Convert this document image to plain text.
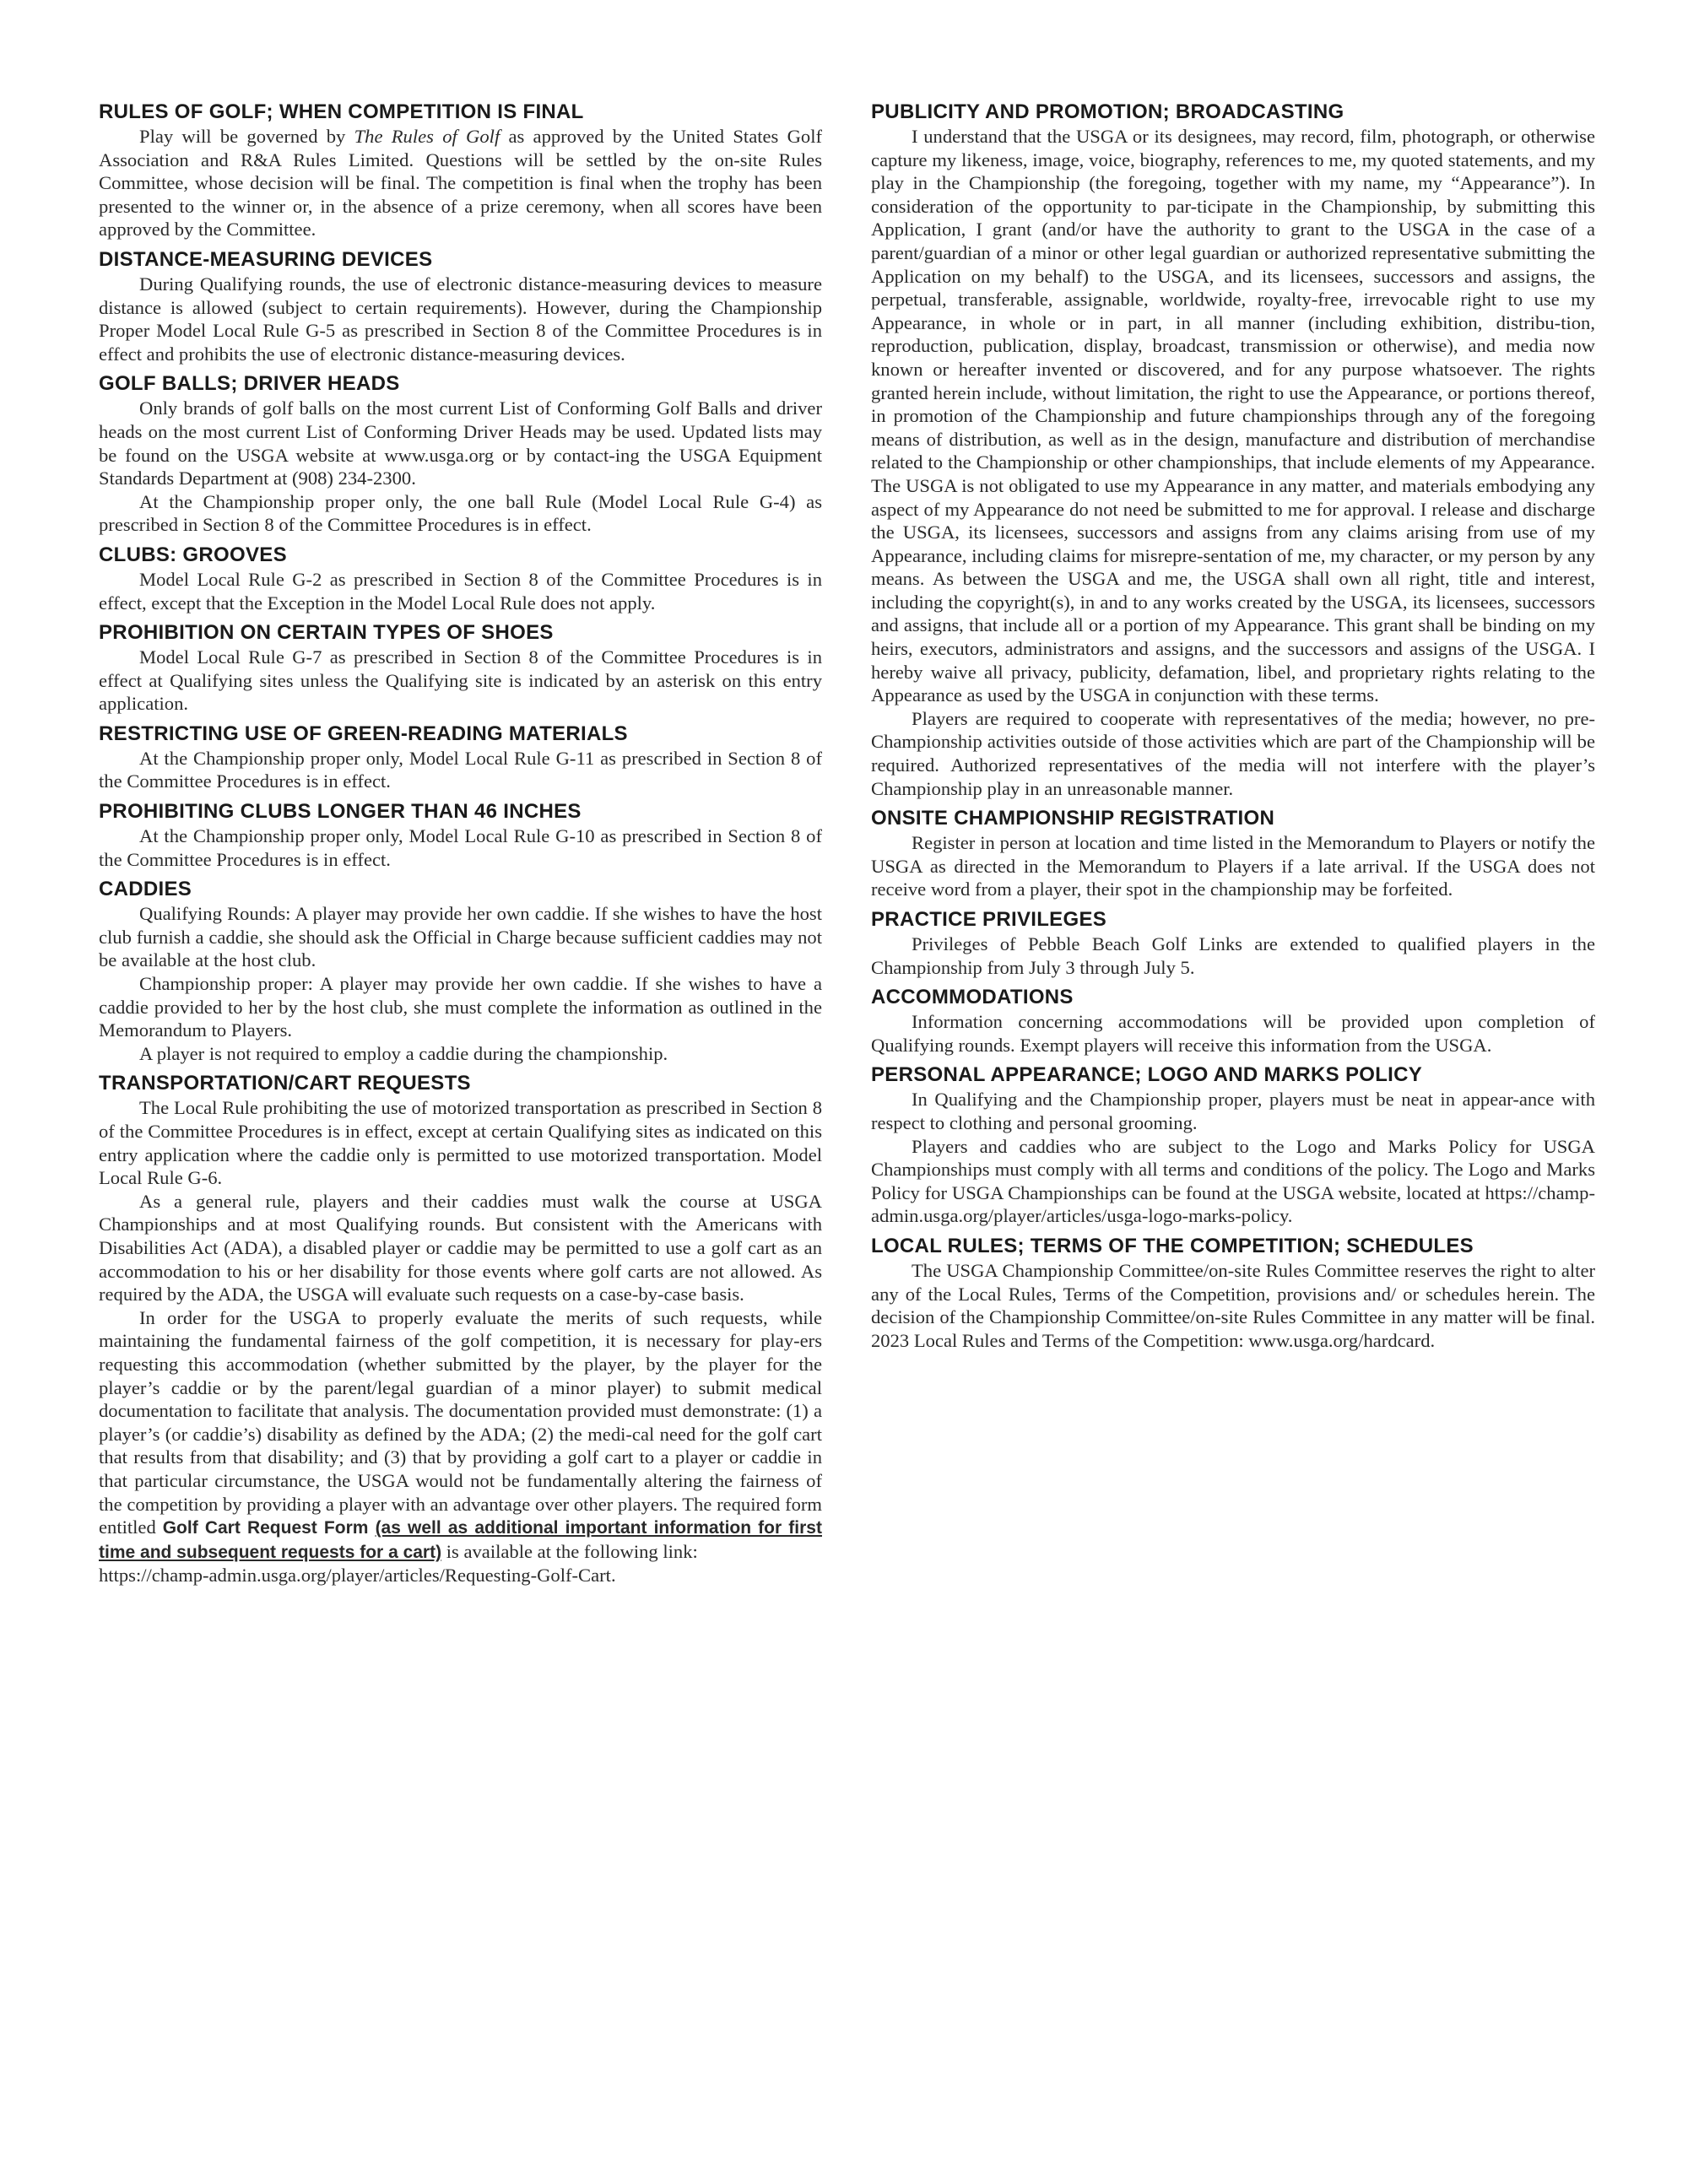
RULES OF GOLF; WHEN COMPETITION IS FINAL

Play will be governed by The Rules of Golf as approved by the United States Golf Association and R&A Rules Limited. Questions will be settled by the on-site Rules Committee, whose decision will be final. The competition is final when the trophy has been presented to the winner or, in the absence of a prize ceremony, when all scores have been approved by the Committee.

DISTANCE-MEASURING DEVICES

During Qualifying rounds, the use of electronic distance-measuring devices to measure distance is allowed (subject to certain requirements). However, during the Championship Proper Model Local Rule G-5 as prescribed in Section 8 of the Committee Procedures is in effect and prohibits the use of electronic distance-measuring devices.

GOLF BALLS; DRIVER HEADS

Only brands of golf balls on the most current List of Conforming Golf Balls and driver heads on the most current List of Conforming Driver Heads may be used. Updated lists may be found on the USGA website at www.usga.org or by contact-ing the USGA Equipment Standards Department at (908) 234-2300.

At the Championship proper only, the one ball Rule (Model Local Rule G-4) as prescribed in Section 8 of the Committee Procedures is in effect.

CLUBS: GROOVES

Model Local Rule G-2 as prescribed in Section 8 of the Committee Procedures is in effect, except that the Exception in the Model Local Rule does not apply.

PROHIBITION ON CERTAIN TYPES OF SHOES

Model Local Rule G-7 as prescribed in Section 8 of the Committee Procedures is in effect at Qualifying sites unless the Qualifying site is indicated by an asterisk on this entry application.

RESTRICTING USE OF GREEN-READING MATERIALS

At the Championship proper only, Model Local Rule G-11 as prescribed in Section 8 of the Committee Procedures is in effect.

PROHIBITING CLUBS LONGER THAN 46 INCHES

At the Championship proper only, Model Local Rule G-10 as prescribed in Section 8 of the Committee Procedures is in effect.

CADDIES

Qualifying Rounds: A player may provide her own caddie. If she wishes to have the host club furnish a caddie, she should ask the Official in Charge because sufficient caddies may not be available at the host club.

Championship proper: A player may provide her own caddie. If she wishes to have a caddie provided to her by the host club, she must complete the information as outlined in the Memorandum to Players.

A player is not required to employ a caddie during the championship.

TRANSPORTATION/CART REQUESTS

The Local Rule prohibiting the use of motorized transportation as prescribed in Section 8 of the Committee Procedures is in effect, except at certain Qualifying sites as indicated on this entry application where the caddie only is permitted to use motorized transportation. Model Local Rule G-6.

As a general rule, players and their caddies must walk the course at USGA Championships and at most Qualifying rounds. But consistent with the Americans with Disabilities Act (ADA), a disabled player or caddie may be permitted to use a golf cart as an accommodation to his or her disability for those events where golf carts are not allowed. As required by the ADA, the USGA will evaluate such requests on a case-by-case basis.

In order for the USGA to properly evaluate the merits of such requests, while maintaining the fundamental fairness of the golf competition, it is necessary for play-ers requesting this accommodation (whether submitted by the player, by the player for the player’s caddie or by the parent/legal guardian of a minor player) to submit medical documentation to facilitate that analysis. The documentation provided must demonstrate: (1) a player’s (or caddie’s) disability as defined by the ADA; (2) the medi-cal need for the golf cart that results from that disability; and (3) that by providing a golf cart to a player or caddie in that particular circumstance, the USGA would not be fundamentally altering the fairness of the competition by providing a player with an advantage over other players. The required form entitled Golf Cart Request Form (as well as additional important information for first time and subsequent requests for a cart) is available at the following link:

https://champ-admin.usga.org/player/articles/Requesting-Golf-Cart.

PUBLICITY AND PROMOTION; BROADCASTING

I understand that the USGA or its designees, may record, film, photograph, or otherwise capture my likeness, image, voice, biography, references to me, my quoted statements, and my play in the Championship (the foregoing, together with my name, my “Appearance”). In consideration of the opportunity to par-ticipate in the Championship, by submitting this Application, I grant (and/or have the authority to grant to the USGA in the case of a parent/guardian of a minor or other legal guardian or authorized representative submitting the Application on my behalf) to the USGA, and its licensees, successors and assigns, the perpetual, transferable, assignable, worldwide, royalty-free, irrevocable right to use my Appearance, in whole or in part, in all manner (including exhibition, distribu-tion, reproduction, publication, display, broadcast, transmission or otherwise), and media now known or hereafter invented or discovered, and for any purpose whatsoever. The rights granted herein include, without limitation, the right to use the Appearance, or portions thereof, in promotion of the Championship and future championships through any of the foregoing means of distribution, as well as in the design, manufacture and distribution of merchandise related to the Championship or other championships, that include elements of my Appearance. The USGA is not obligated to use my Appearance in any matter, and materials embodying any aspect of my Appearance do not need be submitted to me for approval. I release and discharge the USGA, its licensees, successors and assigns from any claims arising from use of my Appearance, including claims for misrepre-sentation of me, my character, or my person by any means. As between the USGA and me, the USGA shall own all right, title and interest, including the copyright(s), in and to any works created by the USGA, its licensees, successors and assigns, that include all or a portion of my Appearance. This grant shall be binding on my heirs, executors, administrators and assigns, and the successors and assigns of the USGA. I hereby waive all privacy, publicity, defamation, libel, and proprietary rights relating to the Appearance as used by the USGA in conjunction with these terms.

Players are required to cooperate with representatives of the media; however, no pre-Championship activities outside of those activities which are part of the Championship will be required. Authorized representatives of the media will not interfere with the player’s Championship play in an unreasonable manner.

ONSITE CHAMPIONSHIP REGISTRATION

Register in person at location and time listed in the Memorandum to Players or notify the USGA as directed in the Memorandum to Players if a late arrival. If the USGA does not receive word from a player, their spot in the championship may be forfeited.

PRACTICE PRIVILEGES

Privileges of Pebble Beach Golf Links are extended to qualified players in the Championship from July 3 through July 5.

ACCOMMODATIONS

Information concerning accommodations will be provided upon completion of Qualifying rounds. Exempt players will receive this information from the USGA.

PERSONAL APPEARANCE; LOGO AND MARKS POLICY

In Qualifying and the Championship proper, players must be neat in appear-ance with respect to clothing and personal grooming.

Players and caddies who are subject to the Logo and Marks Policy for USGA Championships must comply with all terms and conditions of the policy. The Logo and Marks Policy for USGA Championships can be found at the USGA website, located at https://champ-admin.usga.org/player/articles/usga-logo-marks-policy.

LOCAL RULES; TERMS OF THE COMPETITION; SCHEDULES

The USGA Championship Committee/on-site Rules Committee reserves the right to alter any of the Local Rules, Terms of the Competition, provisions and/ or schedules herein. The decision of the Championship Committee/on-site Rules Committee in any matter will be final. 2023 Local Rules and Terms of the Competition: www.usga.org/hardcard.
